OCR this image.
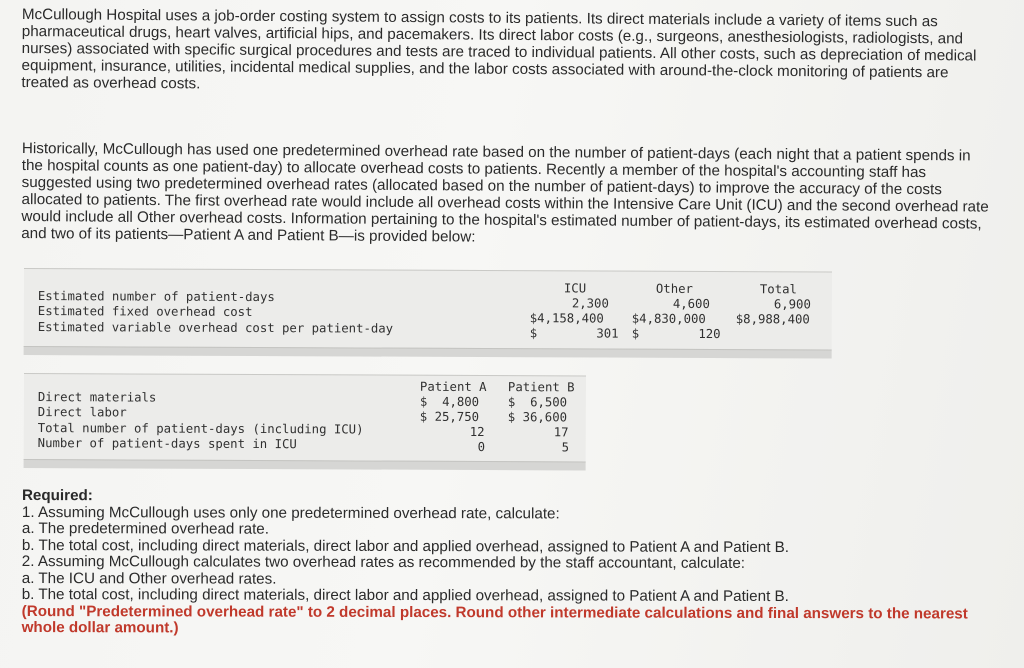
McCullough Hospital uses a job-order costing system to assign costs to its patients. Its direct materials include a variety of items such as pharmaceutical drugs, heart valves, artificial hips, and pacemakers. Its direct labor costs (e.g., surgeons, anesthesiologists, radiologists, and nurses) associated with specific surgical procedures and tests are traced to individual patients. All other costs, such as depreciation of medical equipment, insurance, utilities, incidental medical supplies, and the labor costs associated with around-the-clock monitoring of patients are treated as overhead costs.
Historically, McCullough has used one predetermined overhead rate based on the number of patient-days (each night that a patient spends in the hospital counts as one patient-day) to allocate overhead costs to patients. Recently a member of the hospital's accounting staff has suggested using two predetermined overhead rates (allocated based on the number of patient-days) to improve the accuracy of the costs allocated to patients. The first overhead rate would include all overhead costs within the Intensive Care Unit (ICU) and the second overhead rate would include all Other overhead costs. Information pertaining to the hospital's estimated number of patient-days, its estimated overhead costs, and two of its patients—Patient A and Patient B—is provided below:
ICU	Other	Total
Estimated number of patient-days	2,300	4,600	6,900
Estimated fixed overhead cost	$4,158,400 $4,830,000 $8,988,400
Estimated variable overhead cost per patient-day	$        301 $        120
Patient A Patient B
Direct materials	$  4,800 $  6,500
Direct labor	$ 25,750 $ 36,600
Total number of patient-days (including ICU)	12	17
Number of patient-days spent in ICU	0	5
Required:
1. Assuming McCullough uses only one predetermined overhead rate, calculate:
a. The predetermined overhead rate.
b. The total cost, including direct materials, direct labor and applied overhead, assigned to Patient A and Patient B.
2. Assuming McCullough calculates two overhead rates as recommended by the staff accountant, calculate:
a. The ICU and Other overhead rates.
b. The total cost, including direct materials, direct labor and applied overhead, assigned to Patient A and Patient B.
(Round "Predetermined overhead rate" to 2 decimal places. Round other intermediate calculations and final answers to the nearest whole dollar amount.)
